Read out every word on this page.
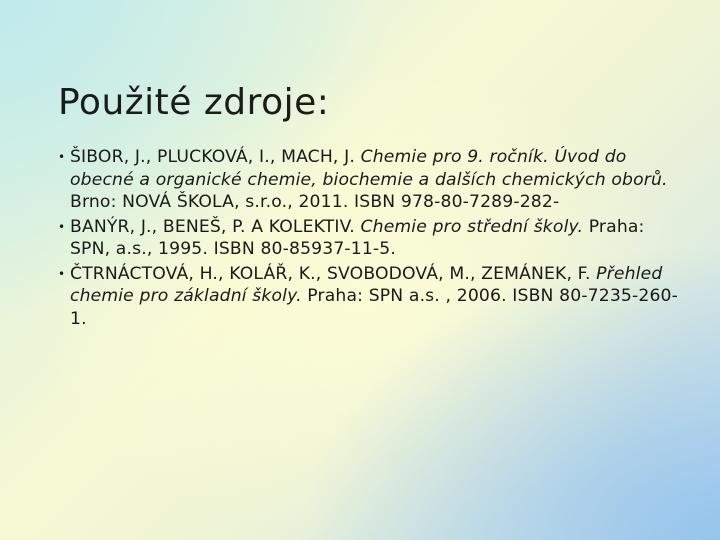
Použité zdroje:
• ŠIBOR, J., PLUCKOVÁ, I., MACH, J. Chemie pro 9. ročník. Úvod do obecné a organické chemie, biochemie a dalších chemických oborů. Brno: NOVÁ ŠKOLA, s.r.o., 2011. ISBN 978-80-7289-282-
• BANÝR, J., BENEŠ, P. A KOLEKTIV. Chemie pro střední školy. Praha: SPN, a.s., 1995. ISBN 80-85937-11-5.
• ČTRNÁCTOVÁ, H., KOLÁŘ, K., SVOBODOVÁ, M., ZEMÁNEK, F. Přehled chemie pro základní školy. Praha: SPN a.s. , 2006. ISBN 80-7235-260-1.
